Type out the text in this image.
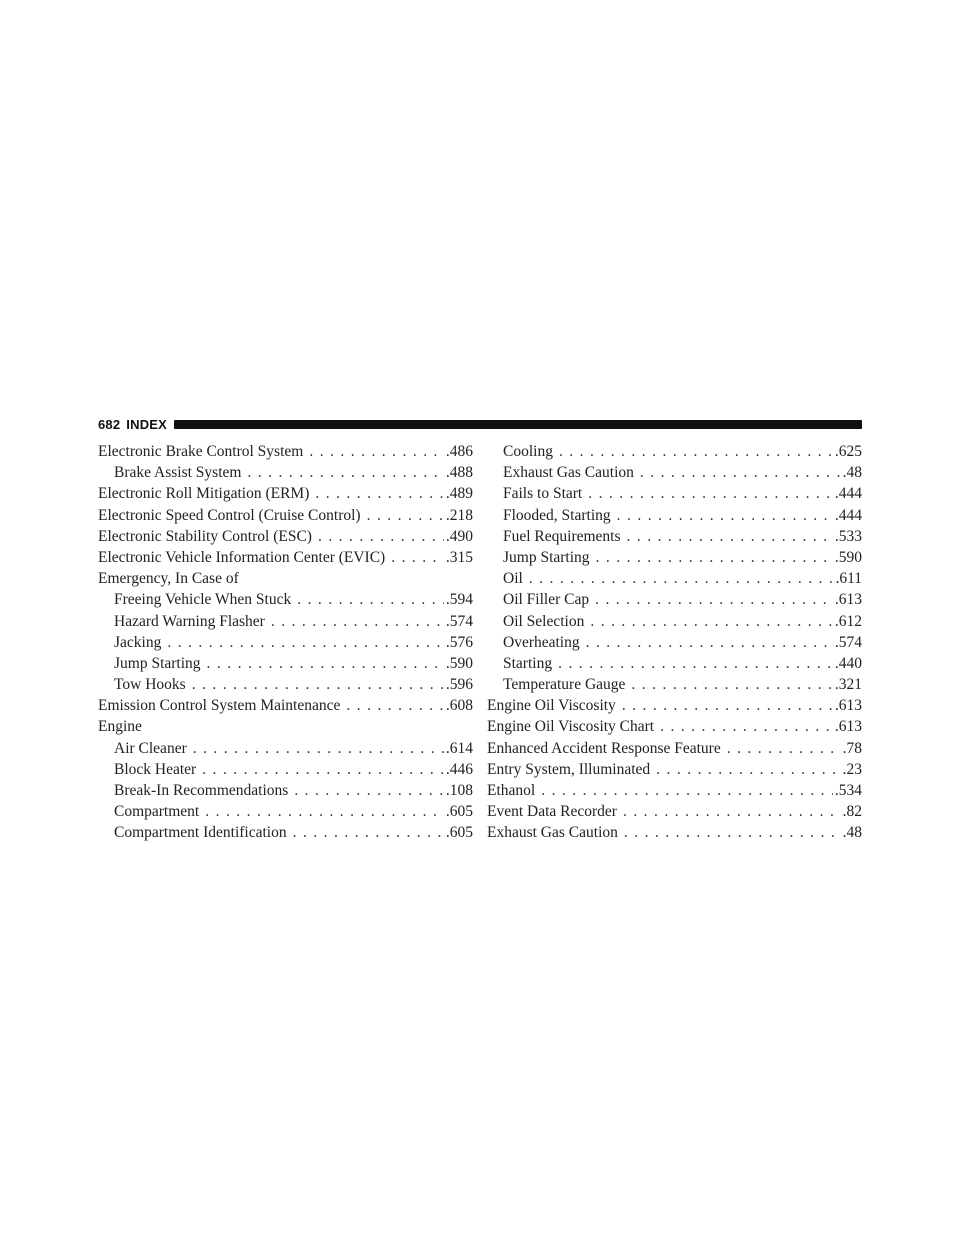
682 INDEX
Electronic Brake Control System . . .	.486
Brake Assist System . . .	.488
Electronic Roll Mitigation (ERM) . . .	.489
Electronic Speed Control (Cruise Control) . . .	.218
Electronic Stability Control (ESC) . . .	.490
Electronic Vehicle Information Center (EVIC) . . .	.315
Emergency, In Case of
Freeing Vehicle When Stuck . . .	.594
Hazard Warning Flasher . . .	.574
Jacking . . .	.576
Jump Starting . . .	.590
Tow Hooks . . .	.596
Emission Control System Maintenance . . .	.608
Engine
Air Cleaner . . .	.614
Block Heater . . .	.446
Break-In Recommendations . . .	.108
Compartment . . .	.605
Compartment Identification . . .	.605
Cooling . . .	.625
Exhaust Gas Caution . . .	.48
Fails to Start . . .	.444
Flooded, Starting . . .	.444
Fuel Requirements . . .	.533
Jump Starting . . .	.590
Oil . . .	.611
Oil Filler Cap . . .	.613
Oil Selection . . .	.612
Overheating . . .	.574
Starting . . .	.440
Temperature Gauge . . .	.321
Engine Oil Viscosity . . .	.613
Engine Oil Viscosity Chart . . .	.613
Enhanced Accident Response Feature . . .	.78
Entry System, Illuminated . . .	.23
Ethanol . . .	.534
Event Data Recorder . . .	.82
Exhaust Gas Caution . . .	.48
